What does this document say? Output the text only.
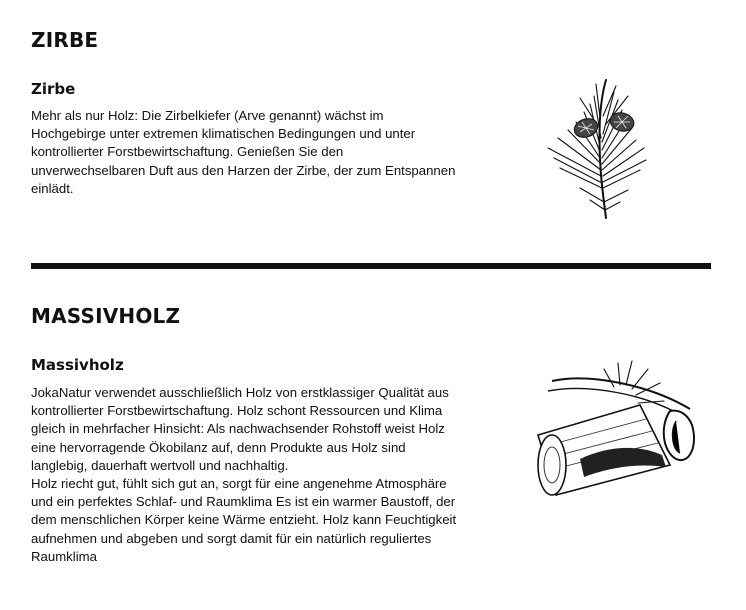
ZIRBE
Zirbe

Mehr als nur Holz: Die Zirbelkiefer (Arve genannt) wächst im
Hochgebirge unter extremen klimatischen Bedingungen und unter
kontrollierter Forstbewirtschaftung. Genießen Sie den
unverwechselbaren Duft aus den Harzen der Zirbe, der zum Entspannen
einlädt.

MASSIVHOLZ
Massivholz

JokaNatur verwendet ausschließlich Holz von erstklassiger Qualität aus
kontrollierter Forstbewirtschaftung. Holz schont Ressourcen und Klima
gleich in mehrfacher Hinsicht: Als nachwachsender Rohstoff weist Holz
eine hervorragende Ökobilanz auf, denn Produkte aus Holz sind
langlebig, dauerhaft wertvoll und nachhaltig.
Holz riecht gut, fühlt sich gut an, sorgt für eine angenehme Atmosphäre
und ein perfektes Schlaf- und Raumklima Es ist ein warmer Baustoff, der
dem menschlichen Körper keine Wärme entzieht. Holz kann Feuchtigkeit
aufnehmen und abgeben und sorgt damit für ein natürlich reguliertes
Raumklima
